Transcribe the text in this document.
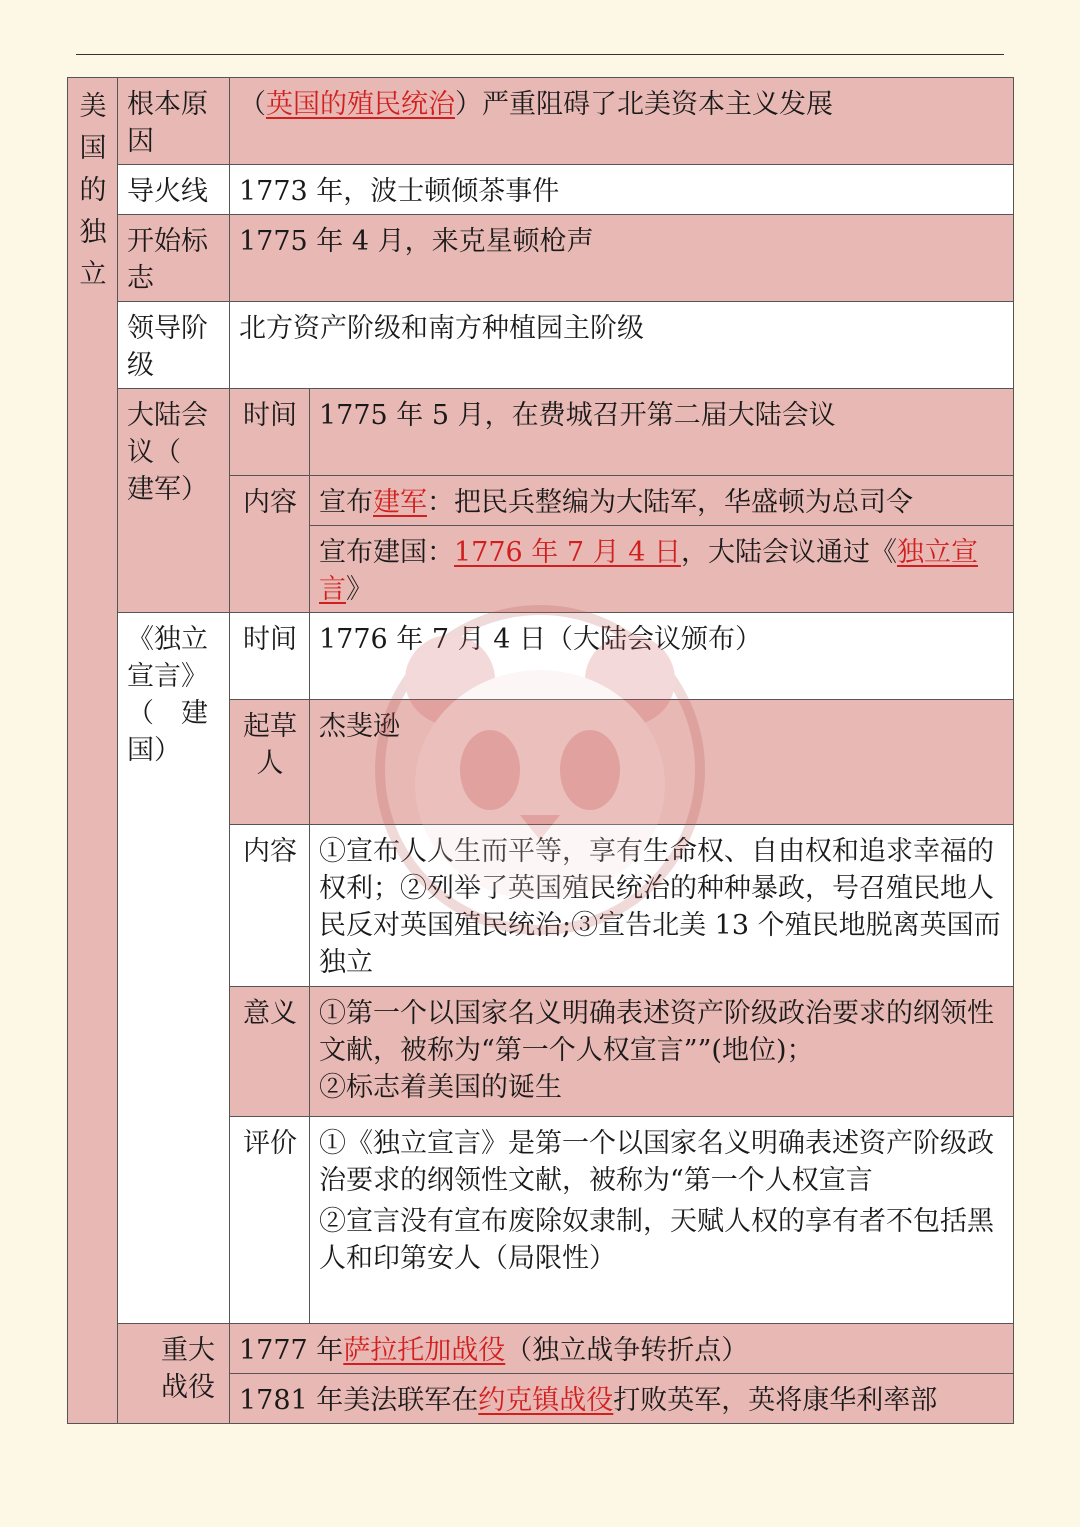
美国的独立	根本原因	（英国的殖民统治）严重阻碍了北美资本主义发展	
	导火线	1773 年，波士顿倾茶事件	
	开始标志	1775 年 4 月，来克星顿枪声	
	领导阶级	北方资产阶级和南方种植园主阶级	
	大陆会议（　建军）	时间	1775 年 5 月，在费城召开第二届大陆会议
		内容	宣布建军：把民兵整编为大陆军，华盛顿为总司令
			宣布建国：1776 年 7 月 4 日，大陆会议通过《独立宣言》
	《独立宣言》（　建国）	时间	1776 年 7 月 4 日（大陆会议颁布）
		起草人	杰斐逊
		内容	①宣布人人生而平等，享有生命权、自由权和追求幸福的权利；②列举了英国殖民统治的种种暴政，号召殖民地人民反对英国殖民统治;③宣告北美 13 个殖民地脱离英国而独立
		意义	①第一个以国家名义明确表述资产阶级政治要求的纲领性文献，被称为“第一个人权宣言””(地位)；
②标志着美国的诞生

		评价	①《独立宣言》是第一个以国家名义明确表述资产阶级政治要求的纲领性文献，被称为“第一个人权宣言
②宣言没有宣布废除奴隶制，天赋人权的享有者不包括黑人和印第安人（局限性）

	重大战役	1777 年萨拉托加战役（独立战争转折点）	
		1781 年美法联军在约克镇战役打败英军，英将康华利率部	
